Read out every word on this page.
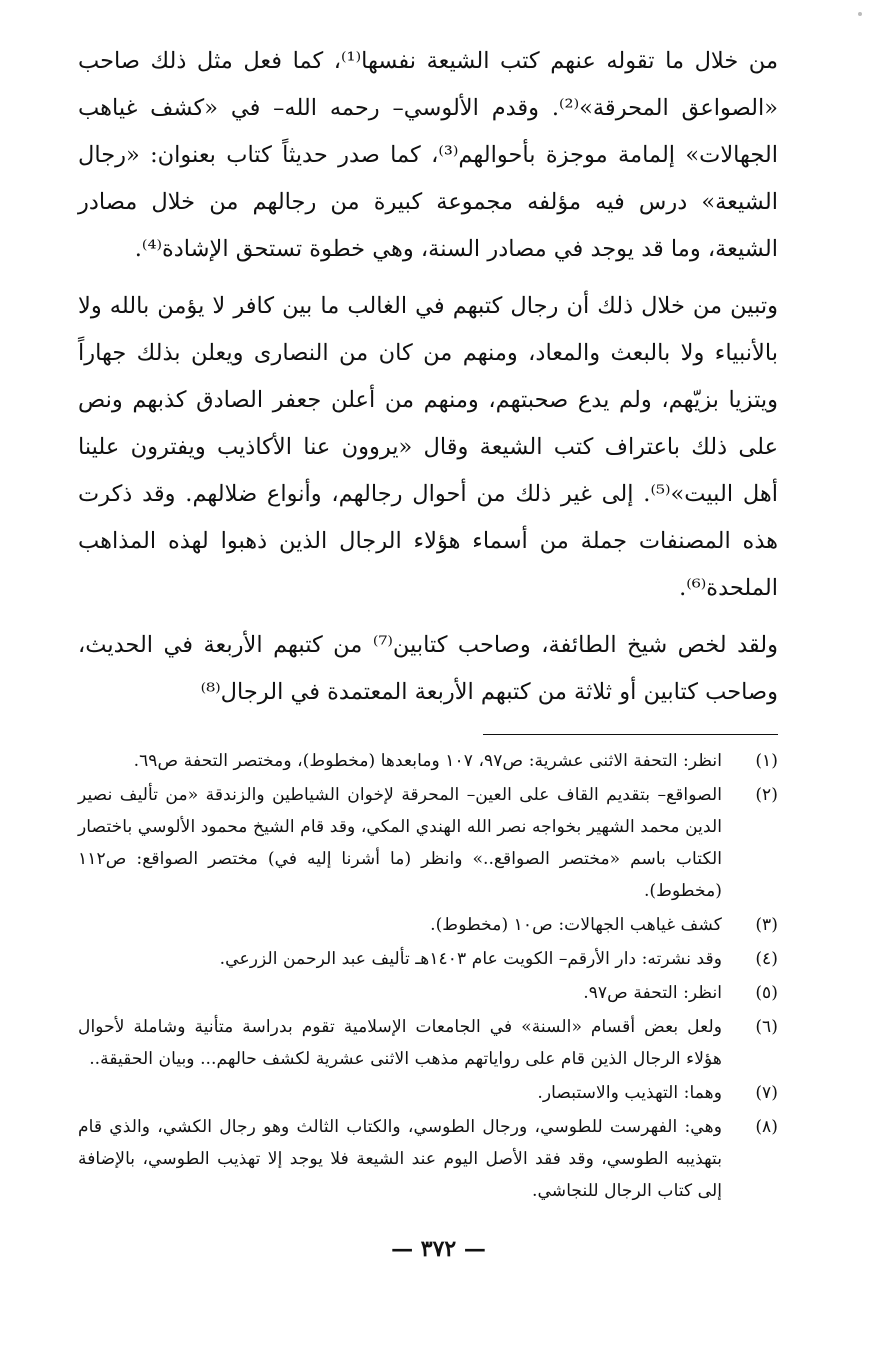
من خلال ما تقوله عنهم كتب الشيعة نفسها⁽¹⁾، كما فعل مثل ذلك صاحب «الصواعق المحرقة»⁽²⁾. وقدم الألوسي– رحمه الله– في «كشف غياهب الجهالات» إلمامة موجزة بأحوالهم⁽³⁾، كما صدر حديثاً كتاب بعنوان: «رجال الشيعة» درس فيه مؤلفه مجموعة كبيرة من رجالهم من خلال مصادر الشيعة، وما قد يوجد في مصادر السنة، وهي خطوة تستحق الإشادة⁽⁴⁾.

وتبين من خلال ذلك أن رجال كتبهم في الغالب ما بين كافر لا يؤمن بالله ولا بالأنبياء ولا بالبعث والمعاد، ومنهم من كان من النصارى ويعلن بذلك جهاراً ويتزيا بزيّهم، ولم يدع صحبتهم، ومنهم من أعلن جعفر الصادق كذبهم ونص على ذلك باعتراف كتب الشيعة وقال «يروون عنا الأكاذيب ويفترون علينا أهل البيت»⁽⁵⁾. إلى غير ذلك من أحوال رجالهم، وأنواع ضلالهم. وقد ذكرت هذه المصنفات جملة من أسماء هؤلاء الرجال الذين ذهبوا لهذه المذاهب الملحدة⁽⁶⁾.

ولقد لخص شيخ الطائفة، وصاحب كتابين⁽⁷⁾ من كتبهم الأربعة في الحديث، وصاحب كتابين أو ثلاثة من كتبهم الأربعة المعتمدة في الرجال⁽⁸⁾

(١)
انظر: التحفة الاثنى عشرية: ص٩٧، ١٠٧ ومابعدها (مخطوط)، ومختصر التحفة ص٦٩.
(٢)
الصواقع– بتقديم القاف على العين– المحرقة لإخوان الشياطين والزندقة «من تأليف نصير الدين محمد الشهير بخواجه نصر الله الهندي المكي، وقد قام الشيخ محمود الألوسي باختصار الكتاب باسم «مختصر الصواقع..» وانظر (ما أشرنا إليه في) مختصر الصواقع: ص١١٢ (مخطوط).
(٣)
كشف غياهب الجهالات: ص١٠ (مخطوط).
(٤)
وقد نشرته: دار الأرقم– الكويت عام ١٤٠٣هـ تأليف عبد الرحمن الزرعي.
(٥)
انظر: التحفة ص٩٧.
(٦)
ولعل بعض أقسام «السنة» في الجامعات الإسلامية تقوم بدراسة متأنية وشاملة لأحوال هؤلاء الرجال الذين قام على رواياتهم مذهب الاثنى عشرية لكشف حالهم... وبيان الحقيقة..
(٧)
وهما: التهذيب والاستبصار.
(٨)
وهي: الفهرست للطوسي، ورجال الطوسي، والكتاب الثالث وهو رجال الكشي، والذي قام بتهذيبه الطوسي، وقد فقد الأصل اليوم عند الشيعة فلا يوجد إلا تهذيب الطوسي، بالإضافة إلى كتاب الرجال للنجاشي.
— ٣٧٢ —
